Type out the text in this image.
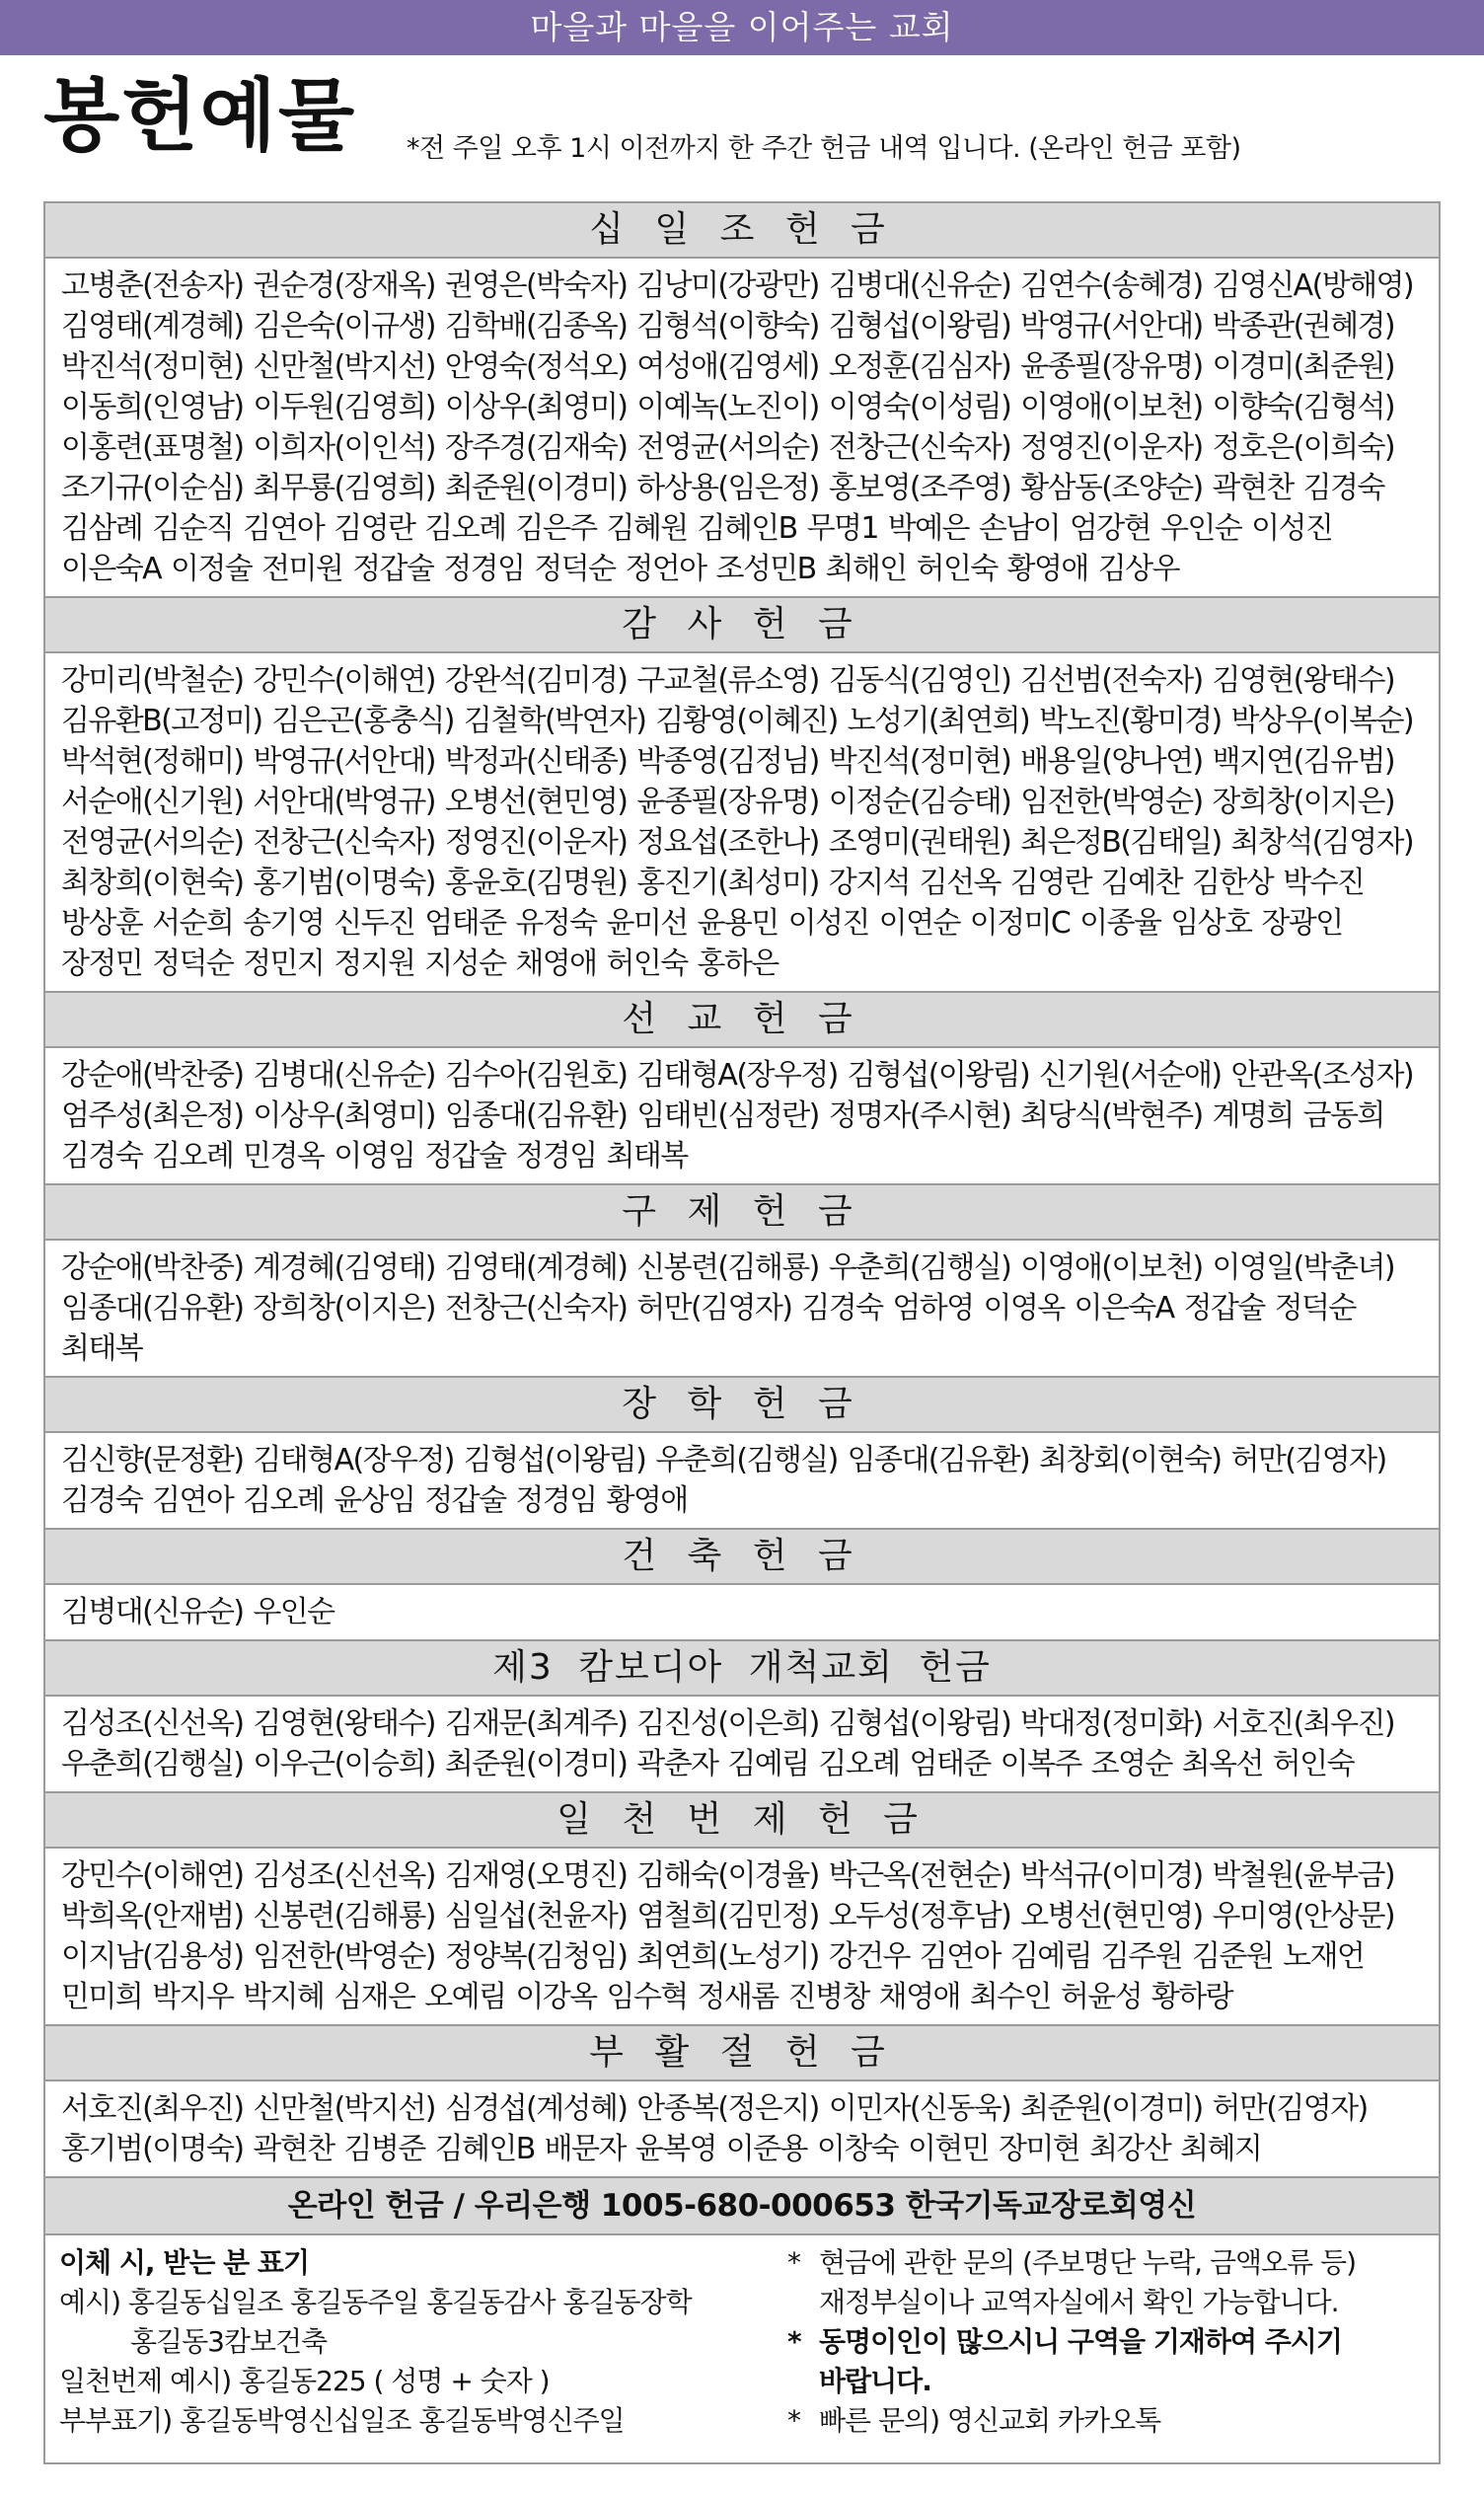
마을과 마을을 이어주는 교회
봉헌예물 *전 주일 오후 1시 이전까지 한 주간 헌금 내역 입니다. (온라인 헌금 포함)
십 일 조 헌 금
고병춘(전송자) 권순경(장재옥) 권영은(박숙자) 김낭미(강광만) 김병대(신유순) 김연수(송혜경) 김영신A(방해영)
김영태(계경혜) 김은숙(이규생) 김학배(김종옥) 김형석(이향숙) 김형섭(이왕림) 박영규(서안대) 박종관(권혜경)
박진석(정미현) 신만철(박지선) 안영숙(정석오) 여성애(김영세) 오정훈(김심자) 윤종필(장유명) 이경미(최준원)
이동희(인영남) 이두원(김영희) 이상우(최영미) 이예녹(노진이) 이영숙(이성림) 이영애(이보천) 이향숙(김형석)
이홍련(표명철) 이희자(이인석) 장주경(김재숙) 전영균(서의순) 전창근(신숙자) 정영진(이운자) 정호은(이희숙)
조기규(이순심) 최무룡(김영희) 최준원(이경미) 하상용(임은정) 홍보영(조주영) 황삼동(조양순) 곽현찬 김경숙
김삼례 김순직 김연아 김영란 김오례 김은주 김혜원 김혜인B 무명1 박예은 손남이 엄강현 우인순 이성진
이은숙A 이정술 전미원 정갑술 정경임 정덕순 정언아 조성민B 최해인 허인숙 황영애 김상우
감 사 헌 금
강미리(박철순) 강민수(이해연) 강완석(김미경) 구교철(류소영) 김동식(김영인) 김선범(전숙자) 김영현(왕태수)
김유환B(고정미) 김은곤(홍충식) 김철학(박연자) 김황영(이혜진) 노성기(최연희) 박노진(황미경) 박상우(이복순)
박석현(정해미) 박영규(서안대) 박정과(신태종) 박종영(김정님) 박진석(정미현) 배용일(양나연) 백지연(김유범)
서순애(신기원) 서안대(박영규) 오병선(현민영) 윤종필(장유명) 이정순(김승태) 임전한(박영순) 장희창(이지은)
전영균(서의순) 전창근(신숙자) 정영진(이운자) 정요섭(조한나) 조영미(권태원) 최은정B(김태일) 최창석(김영자)
최창희(이현숙) 홍기범(이명숙) 홍윤호(김명원) 홍진기(최성미) 강지석 김선옥 김영란 김예찬 김한상 박수진
방상훈 서순희 송기영 신두진 엄태준 유정숙 윤미선 윤용민 이성진 이연순 이정미C 이종율 임상호 장광인
장정민 정덕순 정민지 정지원 지성순 채영애 허인숙 홍하은
선 교 헌 금
강순애(박찬중) 김병대(신유순) 김수아(김원호) 김태형A(장우정) 김형섭(이왕림) 신기원(서순애) 안관옥(조성자)
엄주성(최은정) 이상우(최영미) 임종대(김유환) 임태빈(심정란) 정명자(주시현) 최당식(박현주) 계명희 금동희
김경숙 김오례 민경옥 이영임 정갑술 정경임 최태복
구 제 헌 금
강순애(박찬중) 계경혜(김영태) 김영태(계경혜) 신봉련(김해룡) 우춘희(김행실) 이영애(이보천) 이영일(박춘녀)
임종대(김유환) 장희창(이지은) 전창근(신숙자) 허만(김영자) 김경숙 엄하영 이영옥 이은숙A 정갑술 정덕순
최태복
장 학 헌 금
김신향(문정환) 김태형A(장우정) 김형섭(이왕림) 우춘희(김행실) 임종대(김유환) 최창회(이현숙) 허만(김영자)
김경숙 김연아 김오례 윤상임 정갑술 정경임 황영애
건 축 헌 금
김병대(신유순) 우인순
제3 캄보디아 개척교회 헌금
김성조(신선옥) 김영현(왕태수) 김재문(최계주) 김진성(이은희) 김형섭(이왕림) 박대정(정미화) 서호진(최우진)
우춘희(김행실) 이우근(이승희) 최준원(이경미) 곽춘자 김예림 김오례 엄태준 이복주 조영순 최옥선 허인숙
일 천 번 제 헌 금
강민수(이해연) 김성조(신선옥) 김재영(오명진) 김해숙(이경율) 박근옥(전현순) 박석규(이미경) 박철원(윤부금)
박희옥(안재범) 신봉련(김해룡) 심일섭(천윤자) 염철희(김민정) 오두성(정후남) 오병선(현민영) 우미영(안상문)
이지남(김용성) 임전한(박영순) 정양복(김청임) 최연희(노성기) 강건우 김연아 김예림 김주원 김준원 노재언
민미희 박지우 박지혜 심재은 오예림 이강옥 임수혁 정새롬 진병창 채영애 최수인 허윤성 황하랑
부 활 절 헌 금
서호진(최우진) 신만철(박지선) 심경섭(계성혜) 안종복(정은지) 이민자(신동욱) 최준원(이경미) 허만(김영자)
홍기범(이명숙) 곽현찬 김병준 김혜인B 배문자 윤복영 이준용 이창숙 이현민 장미현 최강산 최혜지
온라인 헌금 / 우리은행 1005-680-000653 한국기독교장로회영신
이체 시, 받는 분 표기
예시) 홍길동십일조 홍길동주일 홍길동감사 홍길동장학
홍길동3캄보건축
일천번제 예시) 홍길동225 ( 성명 + 숫자 )
부부표기) 홍길동박영신십일조 홍길동박영신주일
* 현금에 관한 문의 (주보명단 누락, 금액오류 등)
재정부실이나 교역자실에서 확인 가능합니다.
* 동명이인이 많으시니 구역을 기재하여 주시기
바랍니다.
* 빠른 문의) 영신교회 카카오톡
